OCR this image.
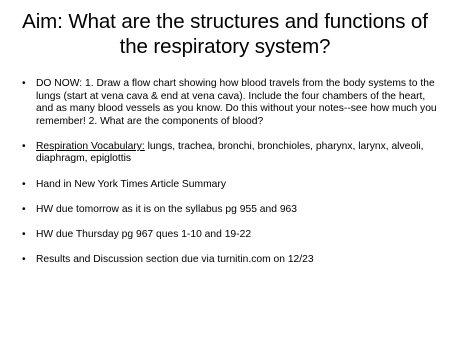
Aim: What are the structures and functions of the respiratory system?
• DO NOW: 1. Draw a flow chart showing how blood travels from the body systems to the lungs (start at vena cava & end at vena cava). Include the four chambers of the heart, and as many blood vessels as you know. Do this without your notes--see how much you remember! 2. What are the components of blood?
• Respiration Vocabulary: lungs, trachea, bronchi, bronchioles, pharynx, larynx, alveoli, diaphragm, epiglottis
• Hand in New York Times Article Summary
• HW due tomorrow as it is on the syllabus pg 955 and 963
• HW due Thursday pg 967 ques 1-10 and 19-22
• Results and Discussion section due via turnitin.com on 12/23
